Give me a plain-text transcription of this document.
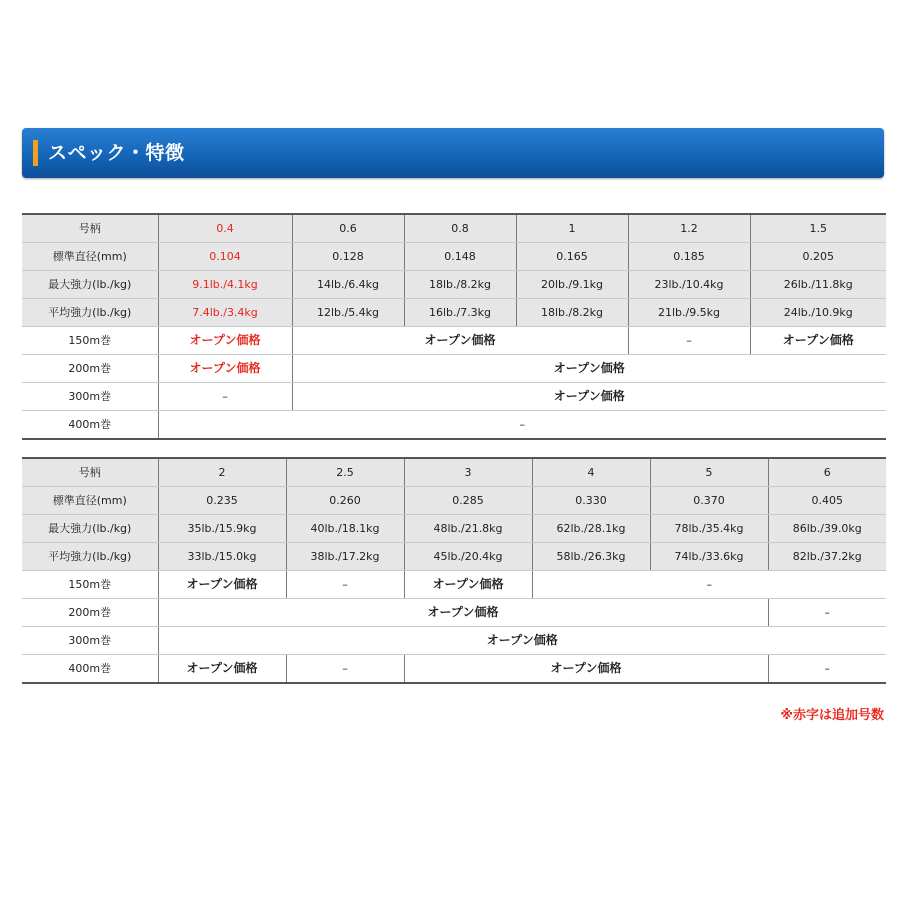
スペック・特徴
号柄	0.4	0.6	0.8	1	1.2	1.5
標準直径(mm)	0.104	0.128	0.148	0.165	0.185	0.205
最大強力(lb./kg)	9.1lb./4.1kg	14lb./6.4kg	18lb./8.2kg	20lb./9.1kg	23lb./10.4kg	26lb./11.8kg
平均強力(lb./kg)	7.4lb./3.4kg	12lb./5.4kg	16lb./7.3kg	18lb./8.2kg	21lb./9.5kg	24lb./10.9kg
150m巻	オープン価格	オープン価格			–	オープン価格
200m巻	オープン価格	オープン価格				
300m巻	–	オープン価格				
400m巻	–					
号柄	2	2.5	3	4	5	6
標準直径(mm)	0.235	0.260	0.285	0.330	0.370	0.405
最大強力(lb./kg)	35lb./15.9kg	40lb./18.1kg	48lb./21.8kg	62lb./28.1kg	78lb./35.4kg	86lb./39.0kg
平均強力(lb./kg)	33lb./15.0kg	38lb./17.2kg	45lb./20.4kg	58lb./26.3kg	74lb./33.6kg	82lb./37.2kg
150m巻	オープン価格	–	オープン価格	–		
200m巻	オープン価格					–
300m巻	オープン価格					
400m巻	オープン価格	–	オープン価格			–
※赤字は追加号数
